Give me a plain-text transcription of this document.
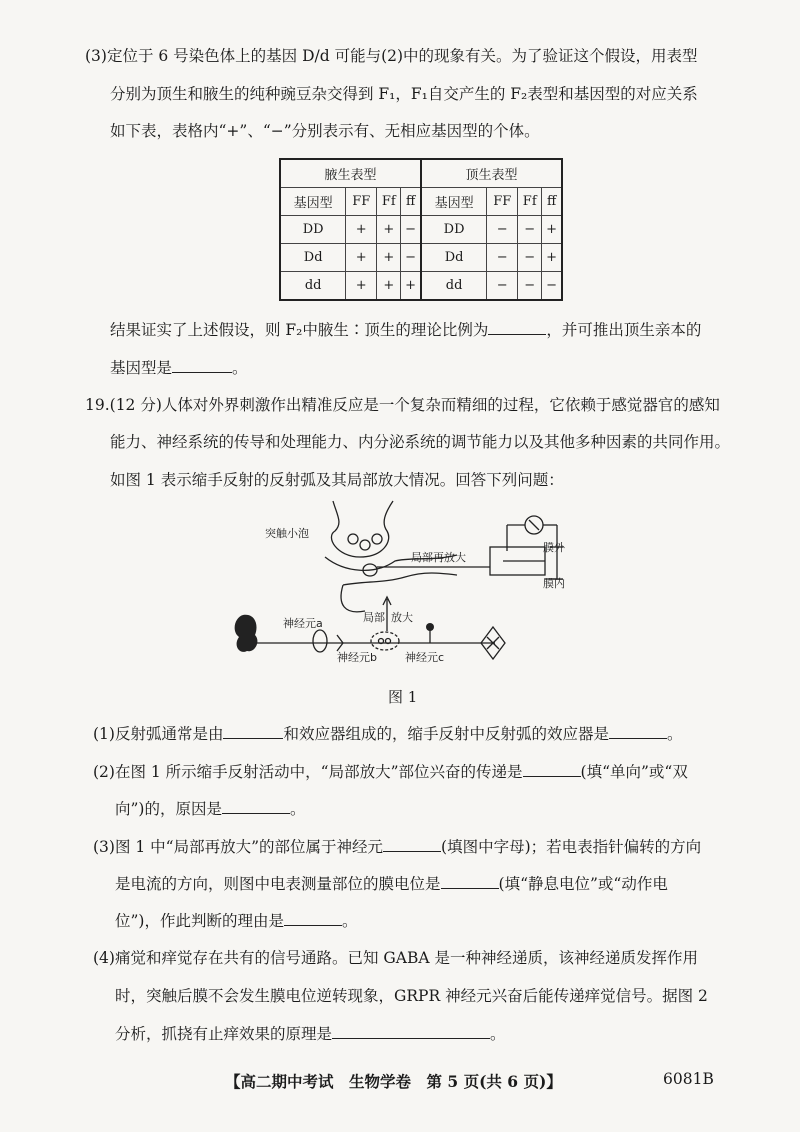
(3)定位于 6 号染色体上的基因 D/d 可能与(2)中的现象有关。为了验证这个假设，用表型
分别为顶生和腋生的纯种豌豆杂交得到 F₁，F₁自交产生的 F₂表型和基因型的对应关系
如下表，表格内“+”、“−”分别表示有、无相应基因型的个体。
腋生表型				顶生表型			
基因型	FF	Ff	ff	基因型	FF	Ff	ff
DD	+	+	−	DD	−	−	+
Dd	+	+	−	Dd	−	−	+
dd	+	+	+	dd	−	−	−
结果证实了上述假设，则 F₂中腋生∶顶生的理论比例为	，并可推出顶生亲本的
基因型是	。
19.(12 分)人体对外界刺激作出精准反应是一个复杂而精细的过程，它依赖于感觉器官的感知
能力、神经系统的传导和处理能力、内分泌系统的调节能力以及其他多种因素的共同作用。
如图 1 表示缩手反射的反射弧及其局部放大情况。回答下列问题：
突触小泡
局部再放大
膜外
膜内
局部 放大
神经元a
神经元b	神经元c
图 1
(1)反射弧通常是由	和效应器组成的，缩手反射中反射弧的效应器是	。
(2)在图 1 所示缩手反射活动中，“局部放大”部位兴奋的传递是	(填“单向”或“双
向”)的，原因是	。
(3)图 1 中“局部再放大”的部位属于神经元	(填图中字母)；若电表指针偏转的方向
是电流的方向，则图中电表测量部位的膜电位是	(填“静息电位”或“动作电
位”)，作此判断的理由是	。
(4)痛觉和痒觉存在共有的信号通路。已知 GABA 是一种神经递质，该神经递质发挥作用
时，突触后膜不会发生膜电位逆转现象，GRPR 神经元兴奋后能传递痒觉信号。据图 2
分析，抓挠有止痒效果的原理是	。
【高二期中考试　生物学卷　第 5 页(共 6 页)】	6081B
